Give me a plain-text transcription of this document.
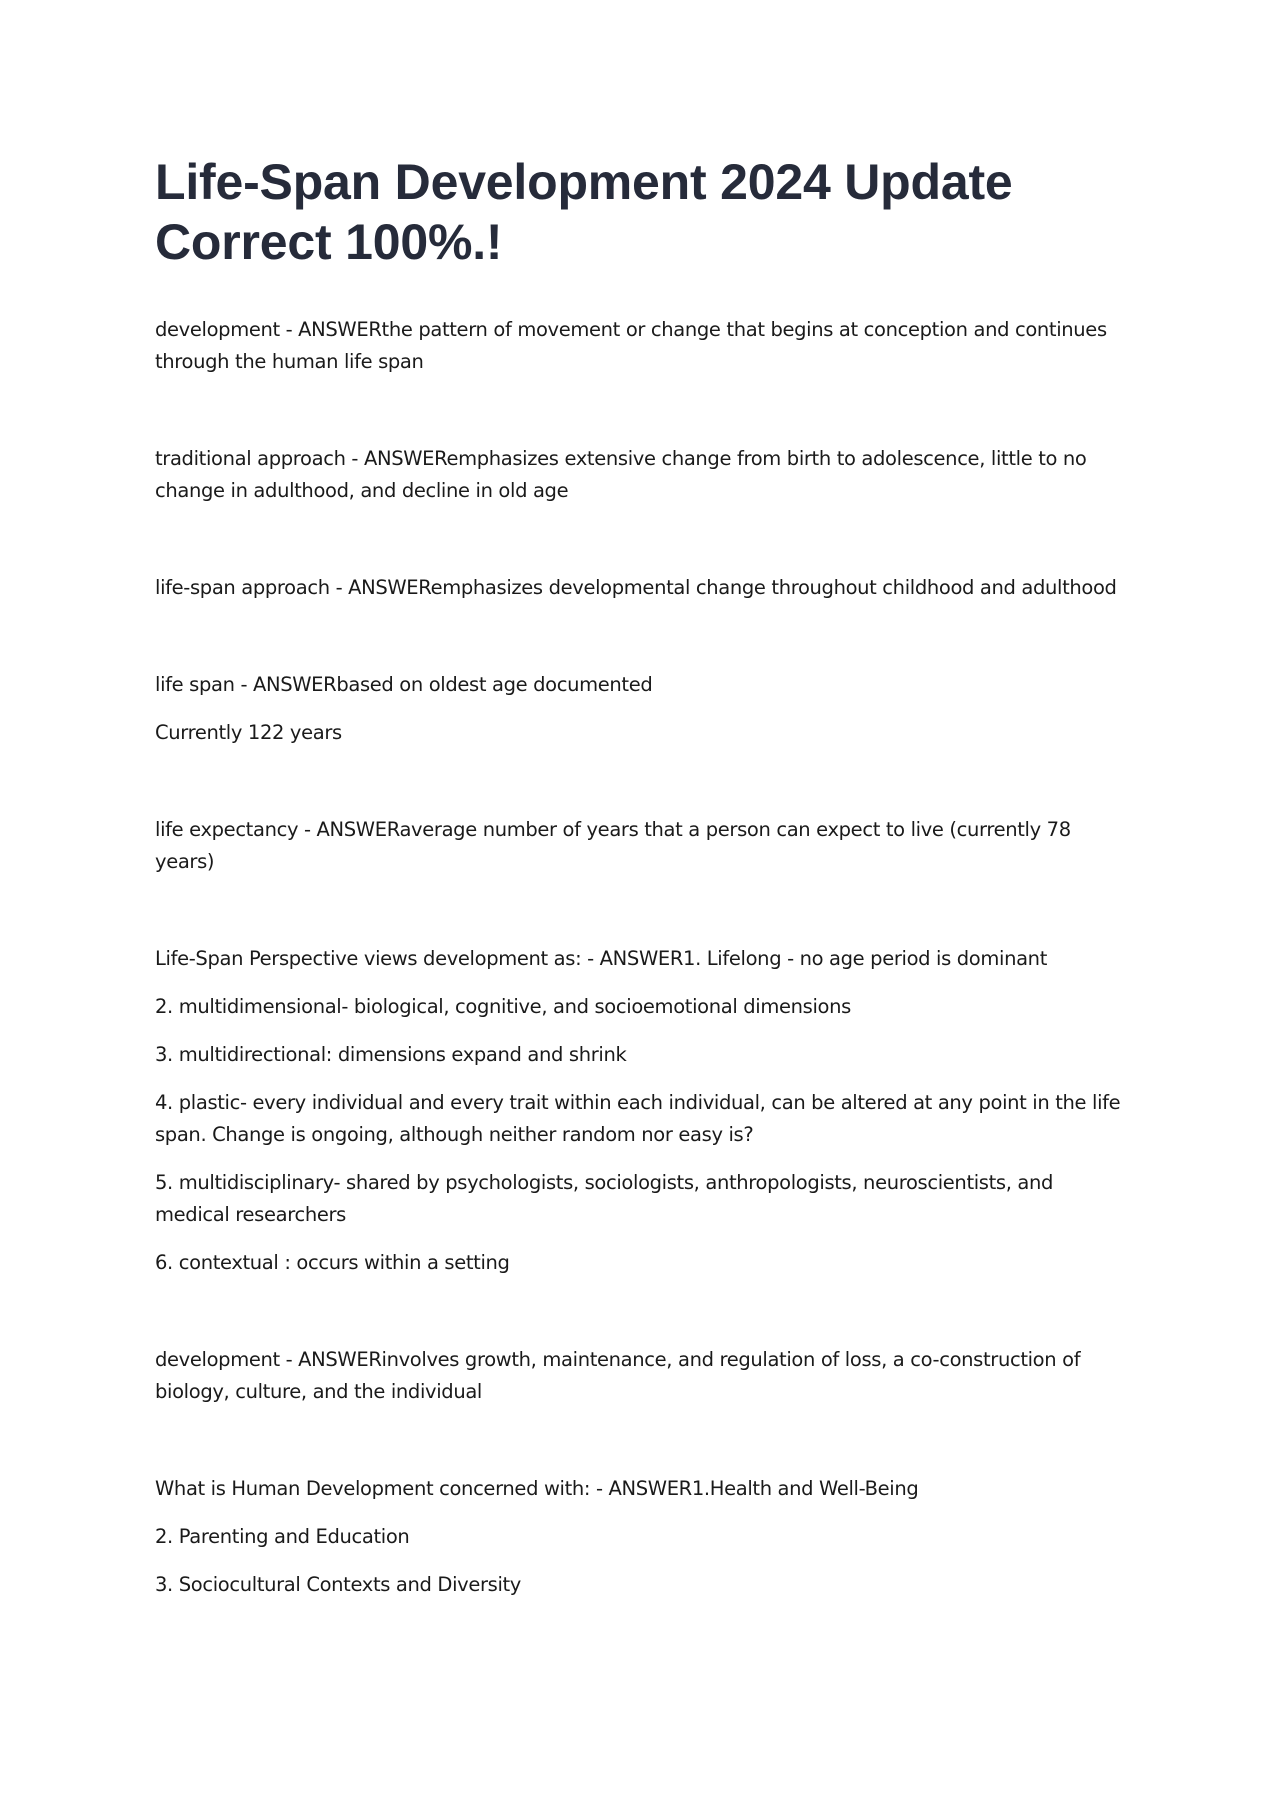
Life-Span Development 2024 Update Correct 100%.!

development - ANSWERthe pattern of movement or change that begins at conception and continues through the human life span

traditional approach - ANSWERemphasizes extensive change from birth to adolescence, little to no change in adulthood, and decline in old age

life-span approach - ANSWERemphasizes developmental change throughout childhood and adulthood

life span - ANSWERbased on oldest age documented

Currently 122 years

life expectancy - ANSWERaverage number of years that a person can expect to live (currently 78 years)

Life-Span Perspective views development as: - ANSWER1. Lifelong - no age period is dominant

2. multidimensional- biological, cognitive, and socioemotional dimensions

3. multidirectional: dimensions expand and shrink

4. plastic- every individual and every trait within each individual, can be altered at any point in the life span. Change is ongoing, although neither random nor easy is?

5. multidisciplinary- shared by psychologists, sociologists, anthropologists, neuroscientists, and medical researchers

6. contextual : occurs within a setting

development - ANSWERinvolves growth, maintenance, and regulation of loss, a co-construction of biology, culture, and the individual

What is Human Development concerned with: - ANSWER1.Health and Well-Being

2. Parenting and Education

3. Sociocultural Contexts and Diversity
